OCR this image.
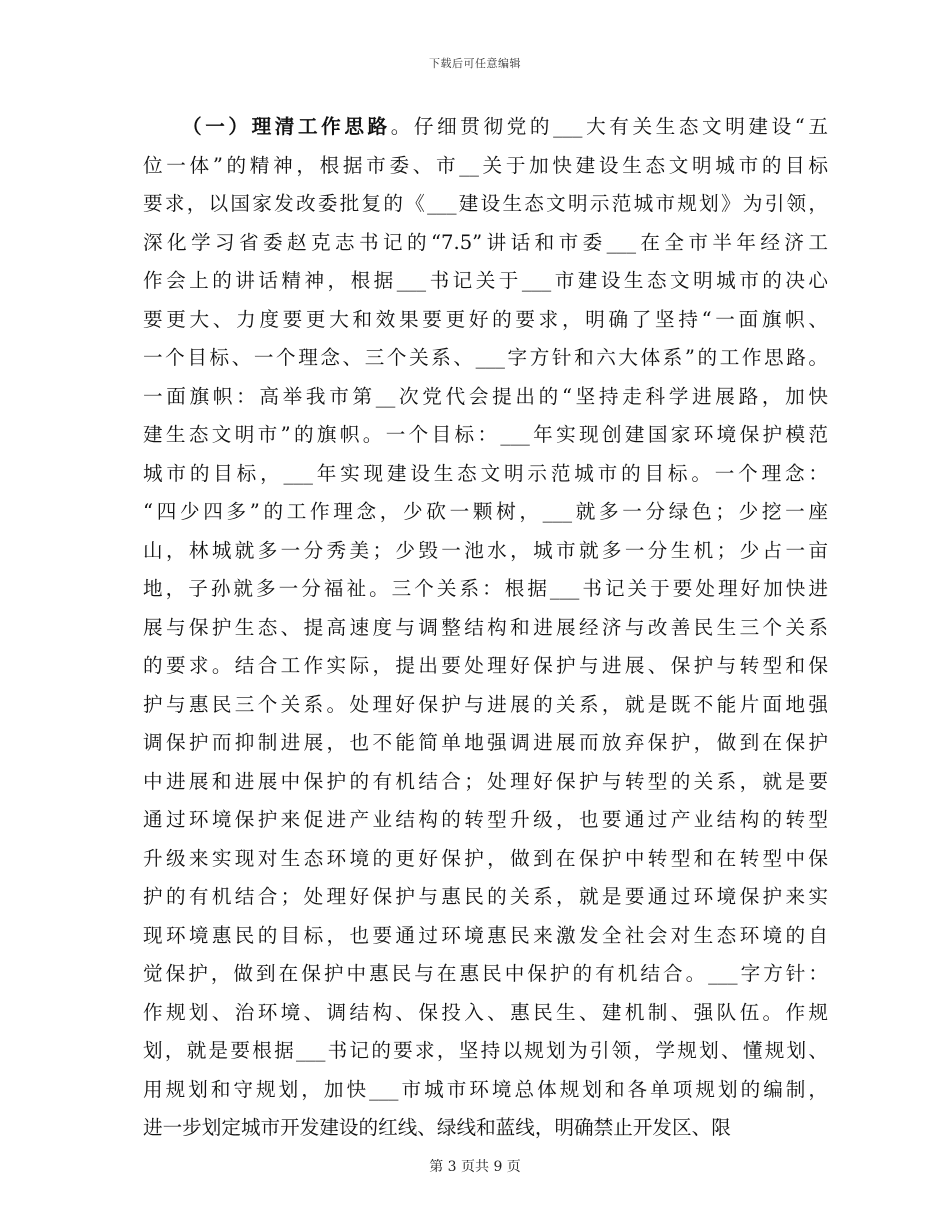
下载后可任意编辑
（一）理清工作思路。仔细贯彻党的___大有关生态文明建设“五
位一体”的精神，根据市委、市__关于加快建设生态文明城市的目标
要求，以国家发改委批复的《___建设生态文明示范城市规划》为引领，
深化学习省委赵克志书记的“7.5”讲话和市委___在全市半年经济工
作会上的讲话精神，根据___书记关于___市建设生态文明城市的决心
要更大、力度要更大和效果要更好的要求，明确了坚持“一面旗帜、
一个目标、一个理念、三个关系、___字方针和六大体系”的工作思路。
一面旗帜：高举我市第__次党代会提出的“坚持走科学进展路，加快
建生态文明市”的旗帜。一个目标：___年实现创建国家环境保护模范
城市的目标，___年实现建设生态文明示范城市的目标。一个理念：
“四少四多”的工作理念，少砍一颗树，___就多一分绿色；少挖一座
山，林城就多一分秀美；少毁一池水，城市就多一分生机；少占一亩
地，子孙就多一分福祉。三个关系：根据___书记关于要处理好加快进
展与保护生态、提高速度与调整结构和进展经济与改善民生三个关系
的要求。结合工作实际，提出要处理好保护与进展、保护与转型和保
护与惠民三个关系。处理好保护与进展的关系，就是既不能片面地强
调保护而抑制进展，也不能简单地强调进展而放弃保护，做到在保护
中进展和进展中保护的有机结合；处理好保护与转型的关系，就是要
通过环境保护来促进产业结构的转型升级，也要通过产业结构的转型
升级来实现对生态环境的更好保护，做到在保护中转型和在转型中保
护的有机结合；处理好保护与惠民的关系，就是要通过环境保护来实
现环境惠民的目标，也要通过环境惠民来激发全社会对生态环境的自
觉保护，做到在保护中惠民与在惠民中保护的有机结合。___字方针：
作规划、治环境、调结构、保投入、惠民生、建机制、强队伍。作规
划，就是要根据___书记的要求，坚持以规划为引领，学规划、懂规划、
用规划和守规划，加快___市城市环境总体规划和各单项规划的编制，
进一步划定城市开发建设的红线、绿线和蓝线，明确禁止开发区、限
第 3 页共 9 页
